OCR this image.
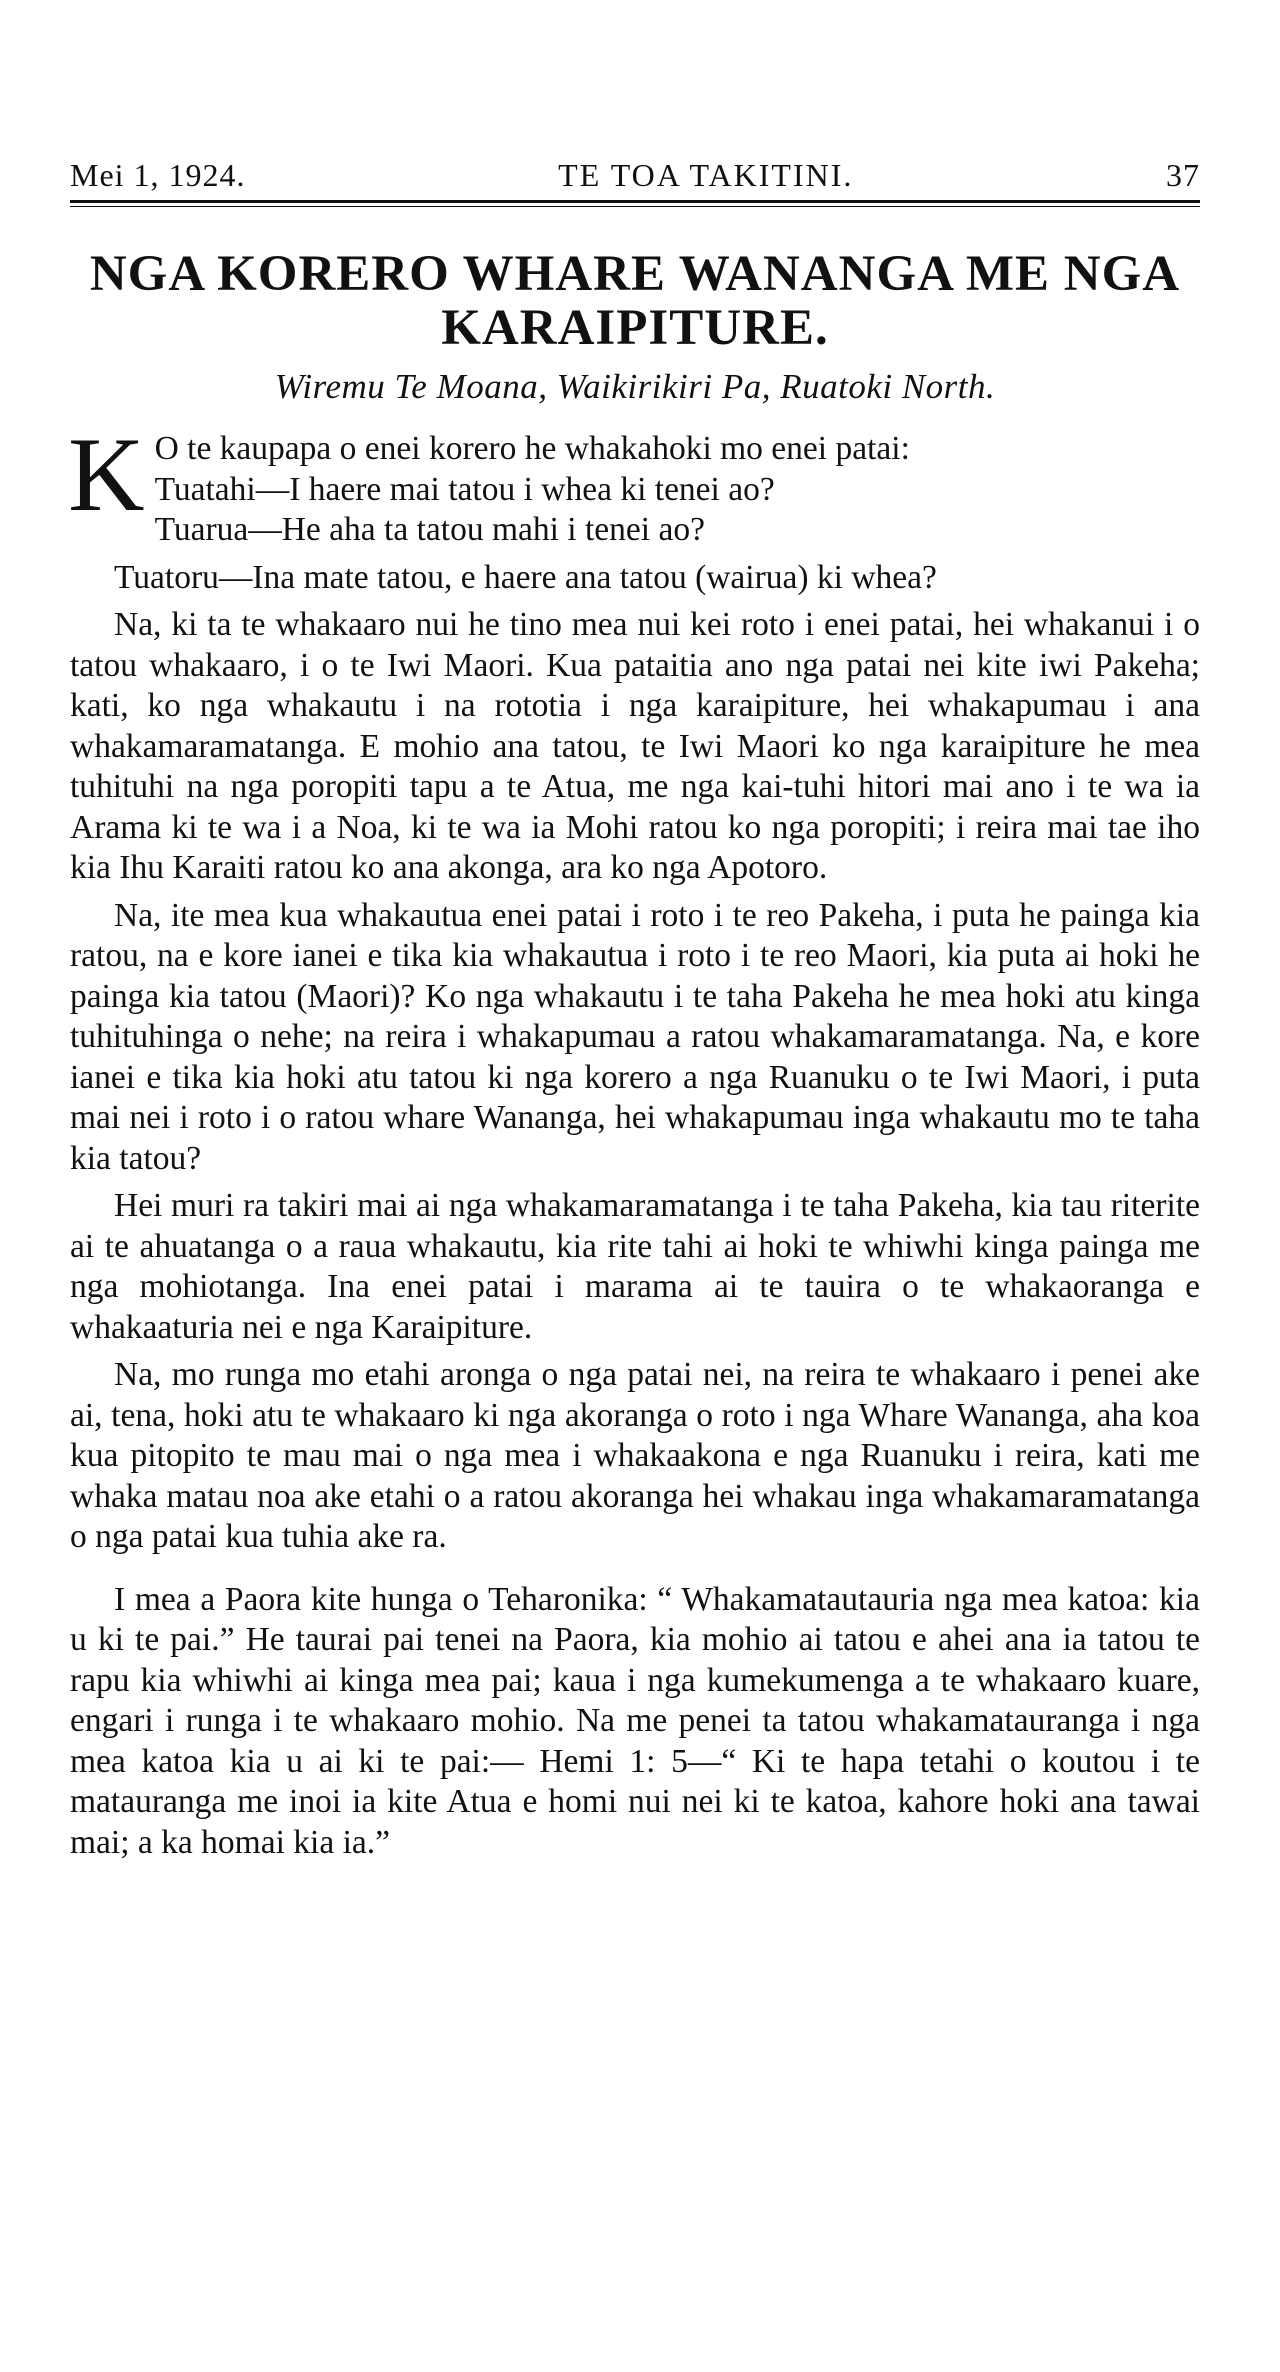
Mei 1, 1924.	TE TOA TAKITINI.	37
NGA KORERO WHARE WANANGA ME NGA KARAIPITURE.
Wiremu Te Moana, Waikirikiri Pa, Ruatoki North.

K O te kaupapa o enei korero he whakahoki mo enei patai:
Tuatahi—I haere mai tatou i whea ki tenei ao?
Tuarua—He aha ta tatou mahi i tenei ao?

Tuatoru—Ina mate tatou, e haere ana tatou (wairua) ki whea?

Na, ki ta te whakaaro nui he tino mea nui kei roto i enei patai, hei whakanui i o tatou whakaaro, i o te Iwi Maori. Kua pataitia ano nga patai nei kite iwi Pakeha; kati, ko nga whakautu i na rototia i nga karaipiture, hei whakapumau i ana whakamaramatanga. E mohio ana tatou, te Iwi Maori ko nga karaipiture he mea tuhituhi na nga poropiti tapu a te Atua, me nga kai-tuhi hitori mai ano i te wa ia Arama ki te wa i a Noa, ki te wa ia Mohi ratou ko nga poropiti; i reira mai tae iho kia Ihu Karaiti ratou ko ana akonga, ara ko nga Apotoro.

Na, ite mea kua whakautua enei patai i roto i te reo Pakeha, i puta he painga kia ratou, na e kore ianei e tika kia whakautua i roto i te reo Maori, kia puta ai hoki he painga kia tatou (Maori)? Ko nga whakautu i te taha Pakeha he mea hoki atu kinga tuhituhinga o nehe; na reira i whakapumau a ratou whakamaramatanga. Na, e kore ianei e tika kia hoki atu tatou ki nga korero a nga Ruanuku o te Iwi Maori, i puta mai nei i roto i o ratou whare Wananga, hei whakapumau inga whakautu mo te taha kia tatou?

Hei muri ra takiri mai ai nga whakamaramatanga i te taha Pakeha, kia tau riterite ai te ahuatanga o a raua whakautu, kia rite tahi ai hoki te whiwhi kinga painga me nga mohiotanga. Ina enei patai i marama ai te tauira o te whakaoranga e whakaaturia nei e nga Karaipiture.

Na, mo runga mo etahi aronga o nga patai nei, na reira te whakaaro i penei ake ai, tena, hoki atu te whakaaro ki nga akoranga o roto i nga Whare Wananga, aha koa kua pitopito te mau mai o nga mea i whakaakona e nga Ruanuku i reira, kati me whaka matau noa ake etahi o a ratou akoranga hei whakau inga whakamaramatanga o nga patai kua tuhia ake ra.

I mea a Paora kite hunga o Teharonika: “ Whakamatautauria nga mea katoa: kia u ki te pai.” He taurai pai tenei na Paora, kia mohio ai tatou e ahei ana ia tatou te rapu kia whiwhi ai kinga mea pai; kaua i nga kumekumenga a te whakaaro kuare, engari i runga i te whakaaro mohio. Na me penei ta tatou whakamatauranga i nga mea katoa kia u ai ki te pai:— Hemi 1: 5—“ Ki te hapa tetahi o koutou i te matauranga me inoi ia kite Atua e homi nui nei ki te katoa, kahore hoki ana tawai mai; a ka homai kia ia.”
